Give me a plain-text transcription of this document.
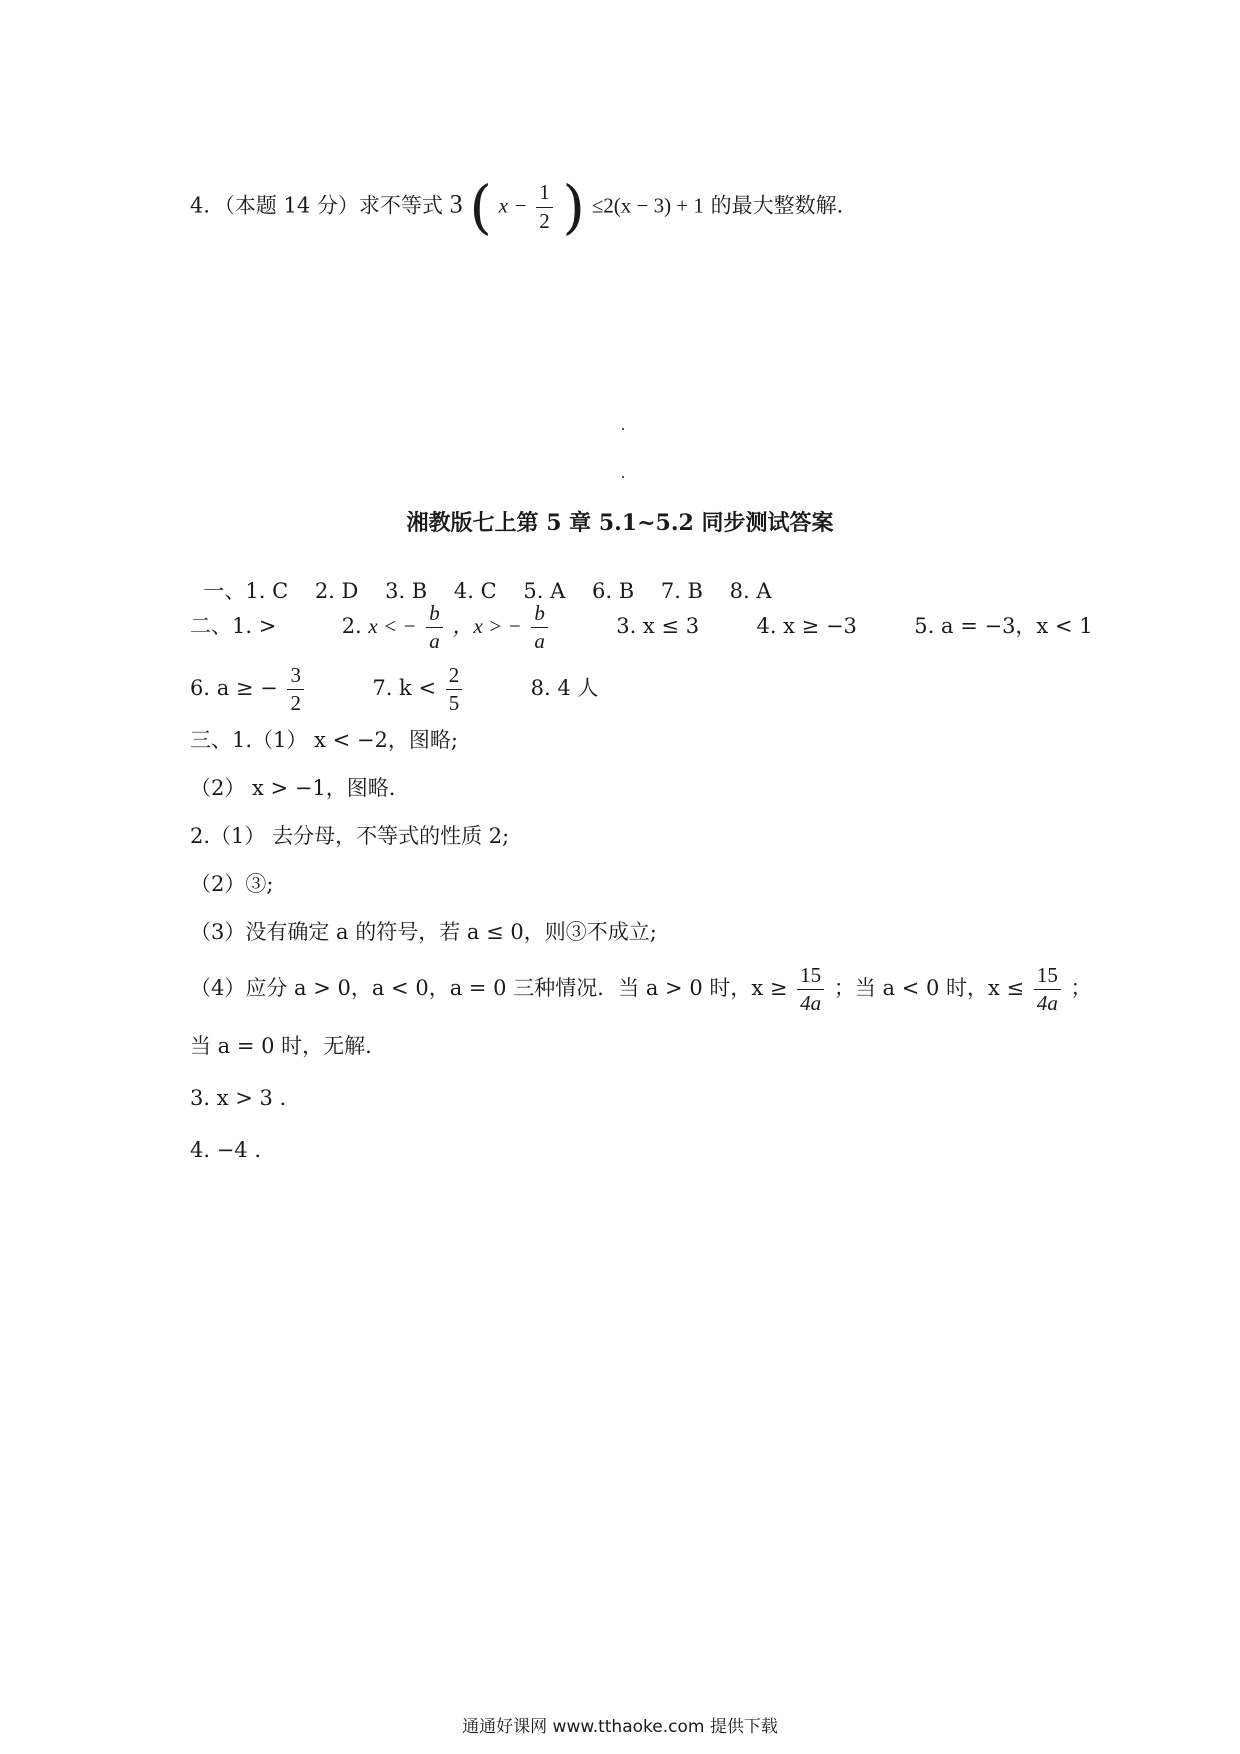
4．（本题 14 分）求不等式 3 ( $x - \frac{1}{2}$ ) ≤2(x − 3) + 1 的最大整数解.
湘教版七上第 5 章 5.1~5.2 同步测试答案

一、1. C    2. D    3. B    4. C    5. A    6. B    7. B    8. A

二、1. >	2. x < − $\frac{b}{a}$ ，x > − $\frac{b}{a}$	3. x ≤ 3	4. x ≥ −3	5. a = −3，x < 1
6. a ≥ − $\frac{3}{2}$	7. $k < \frac{2}{5}$	8. 4 人
三、1.（1） x < −2，图略;
（2） x > −1，图略.
2.（1） 去分母，不等式的性质 2;
（2）③;
（3）没有确定 a 的符号，若 a ≤ 0，则③不成立;
（4）应分 a > 0，a < 0，a = 0 三种情况．当 a > 0 时，$x \ge \frac{15}{4a}$ ；当 a < 0 时，$x \le \frac{15}{4a}$ ；
当 a = 0 时，无解.
3. x > 3 .
4. −4 .
通通好课网 www.tthaoke.com 提供下载
